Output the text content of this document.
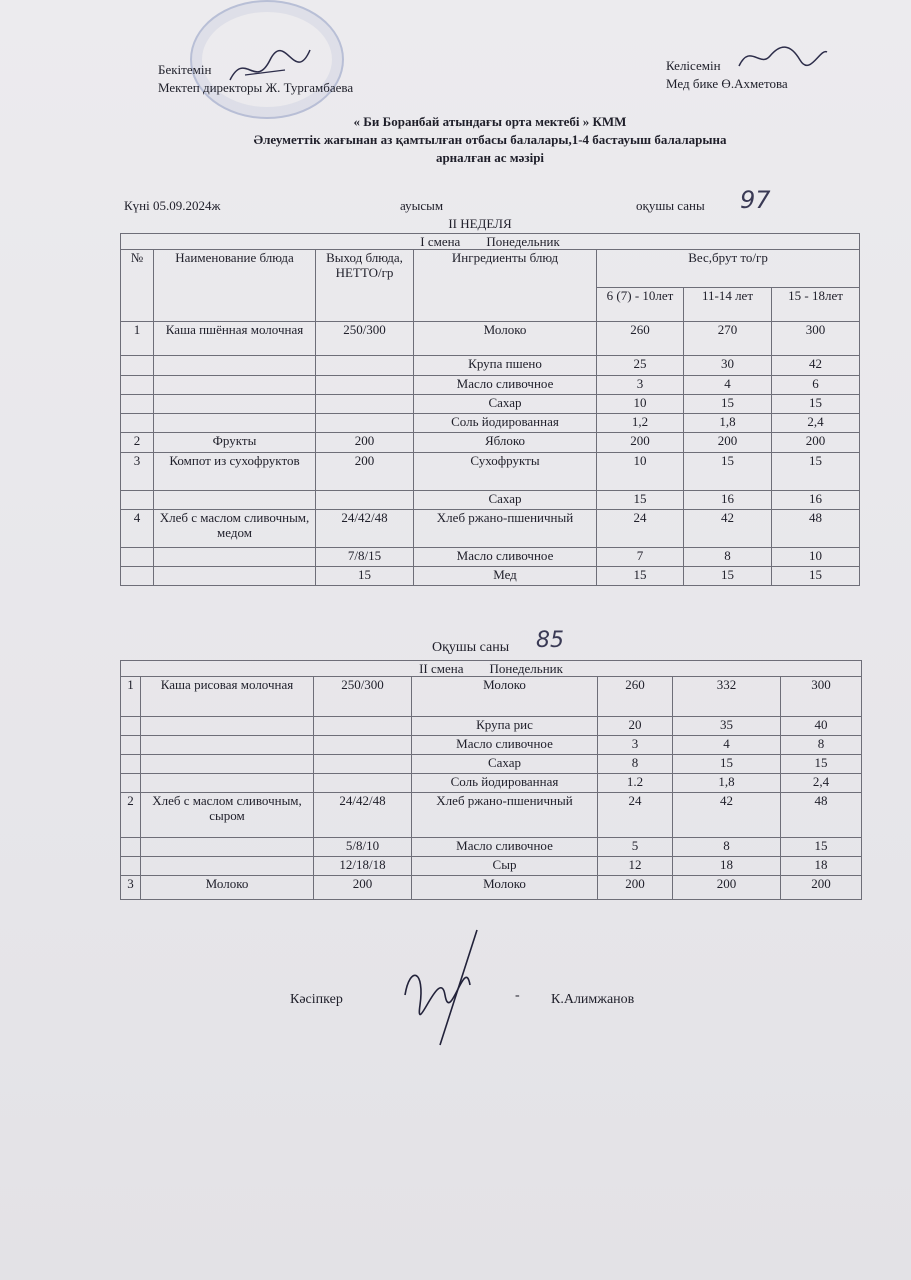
Бекітемін
Мектеп директоры Ж. Тургамбаева
Келісемін
Мед бике Ө.Ахметова
« Би Боранбай атындағы орта мектебі » КММ
Әлеуметтік жағынан аз қамтылған отбасы балалары,1-4 бастауыш балаларына
арналған ас мәзірі
Күні 05.09.2024ж	ауысым	оқушы саны 97
II НЕДЕЛЯ
I смена Понедельник						
№	Наименование блюда	Выход блюда, НЕТТО/гр	Ингредиенты блюд	Вес,брут то/гр		
				6 (7) - 10лет	11-14 лет	15 - 18лет
1	Каша пшённая молочная	250/300	Молоко	260	270	300
			Крупа пшено	25	30	42
			Масло сливочное	3	4	6
			Сахар	10	15	15
			Соль йодированная	1,2	1,8	2,4
2	Фрукты	200	Яблоко	200	200	200
3	Компот из сухофруктов	200	Сухофрукты	10	15	15
			Сахар	15	16	16
4	Хлеб с маслом сливочным, медом	24/42/48	Хлеб ржано-пшеничный	24	42	48
		7/8/15	Масло сливочное	7	8	10
		15	Мед	15	15	15
Оқушы саны 85
II смена Понедельник						
1	Каша рисовая молочная	250/300	Молоко	260	332	300
			Крупа рис	20	35	40
			Масло сливочное	3	4	8
			Сахар	8	15	15
			Соль йодированная	1.2	1,8	2,4
2	Хлеб с маслом сливочным, сыром	24/42/48	Хлеб ржано-пшеничный	24	42	48
		5/8/10	Масло сливочное	5	8	15
		12/18/18	Сыр	12	18	18
3	Молоко	200	Молоко	200	200	200
Кәсіпкер	- К.Алимжанов
